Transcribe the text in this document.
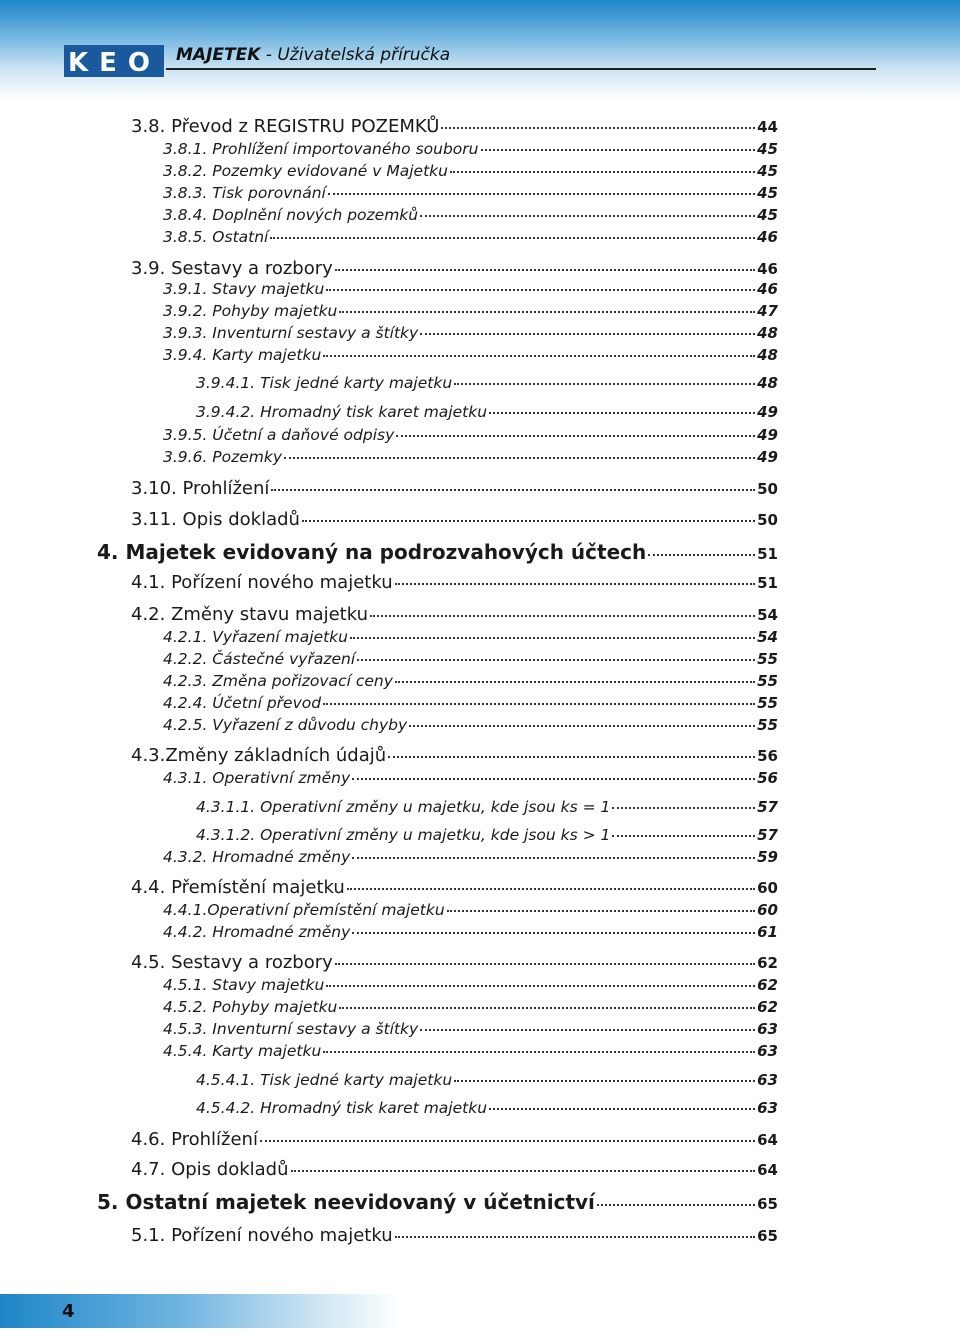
KEO MAJETEK - Uživatelská příručka
3.8. Převod z REGISTRU POZEMKŮ	44
3.8.1. Prohlížení importovaného souboru	45
3.8.2. Pozemky evidované v Majetku	45
3.8.3. Tisk porovnání	45
3.8.4. Doplnění nových pozemků	45
3.8.5. Ostatní	46
3.9. Sestavy a rozbory	46
3.9.1. Stavy majetku	46
3.9.2. Pohyby majetku	47
3.9.3. Inventurní sestavy a štítky	48
3.9.4. Karty majetku	48
3.9.4.1. Tisk jedné karty majetku	48
3.9.4.2. Hromadný tisk karet majetku	49
3.9.5. Účetní a daňové odpisy	49
3.9.6. Pozemky	49
3.10. Prohlížení	50
3.11. Opis dokladů	50
4. Majetek evidovaný na podrozvahových účtech	51
4.1. Pořízení nového majetku	51
4.2. Změny stavu majetku	54
4.2.1. Vyřazení majetku	54
4.2.2. Částečné vyřazení	55
4.2.3. Změna pořizovací ceny	55
4.2.4. Účetní převod	55
4.2.5. Vyřazení z důvodu chyby	55
4.3.Změny základních údajů	56
4.3.1. Operativní změny	56
4.3.1.1. Operativní změny u majetku, kde jsou ks = 1	57
4.3.1.2. Operativní změny u majetku, kde jsou ks > 1	57
4.3.2. Hromadné změny	59
4.4. Přemístění majetku	60
4.4.1.Operativní přemístění majetku	60
4.4.2. Hromadné změny	61
4.5. Sestavy a rozbory	62
4.5.1. Stavy majetku	62
4.5.2. Pohyby majetku	62
4.5.3. Inventurní sestavy a štítky	63
4.5.4. Karty majetku	63
4.5.4.1. Tisk jedné karty majetku	63
4.5.4.2. Hromadný tisk karet majetku	63
4.6. Prohlížení	64
4.7. Opis dokladů	64
5. Ostatní majetek neevidovaný v účetnictví	65
5.1. Pořízení nového majetku	65
4
